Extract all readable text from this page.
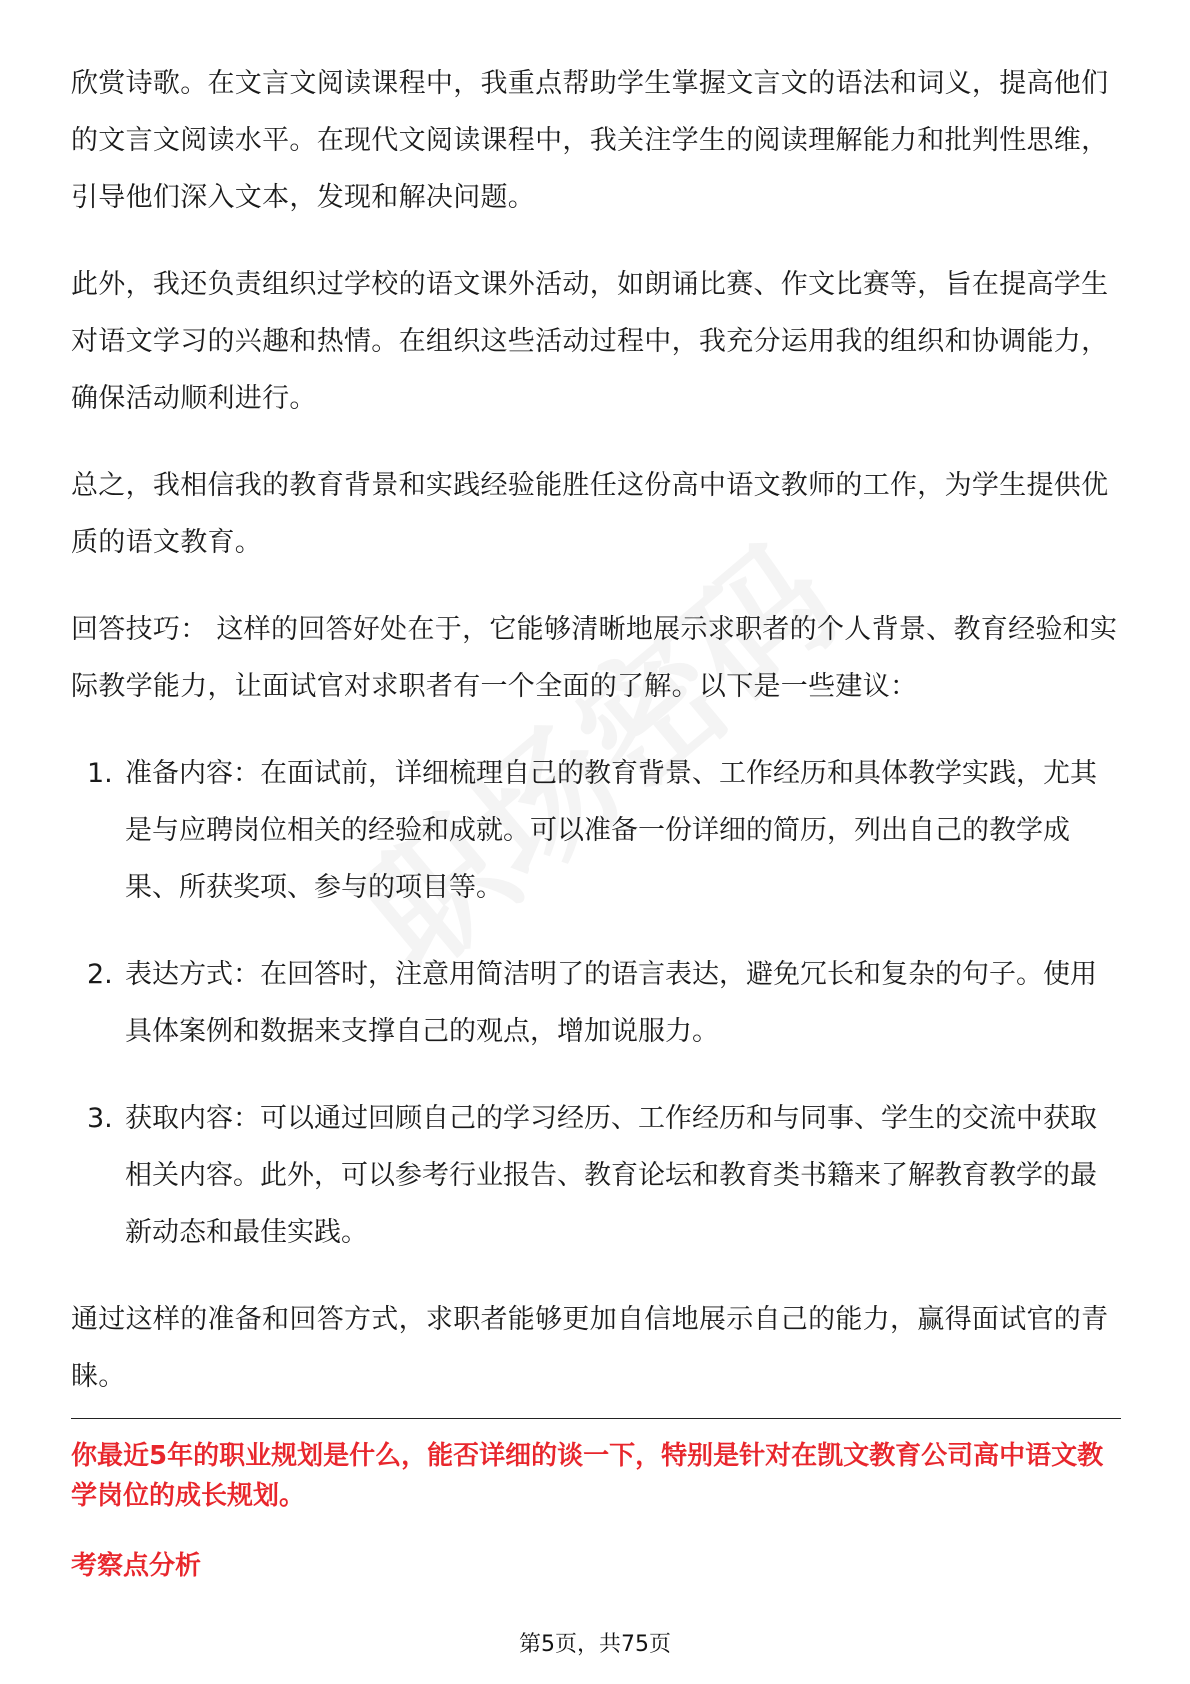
欣赏诗歌。在文言文阅读课程中，我重点帮助学生掌握文言文的语法和词义，提高他们的文言文阅读水平。在现代文阅读课程中，我关注学生的阅读理解能力和批判性思维，引导他们深入文本，发现和解决问题。

此外，我还负责组织过学校的语文课外活动，如朗诵比赛、作文比赛等，旨在提高学生对语文学习的兴趣和热情。在组织这些活动过程中，我充分运用我的组织和协调能力，确保活动顺利进行。

总之，我相信我的教育背景和实践经验能胜任这份高中语文教师的工作，为学生提供优质的语文教育。

回答技巧： 这样的回答好处在于，它能够清晰地展示求职者的个人背景、教育经验和实际教学能力，让面试官对求职者有一个全面的了解。以下是一些建议：

1. 准备内容：在面试前，详细梳理自己的教育背景、工作经历和具体教学实践，尤其是与应聘岗位相关的经验和成就。可以准备一份详细的简历，列出自己的教学成果、所获奖项、参与的项目等。
2. 表达方式：在回答时，注意用简洁明了的语言表达，避免冗长和复杂的句子。使用具体案例和数据来支撑自己的观点，增加说服力。
3. 获取内容：可以通过回顾自己的学习经历、工作经历和与同事、学生的交流中获取相关内容。此外，可以参考行业报告、教育论坛和教育类书籍来了解教育教学的最新动态和最佳实践。

通过这样的准备和回答方式，求职者能够更加自信地展示自己的能力，赢得面试官的青睐。

你最近5年的职业规划是什么，能否详细的谈一下，特别是针对在凯文教育公司高中语文教学岗位的成长规划。
考察点分析
第5页，共75页
